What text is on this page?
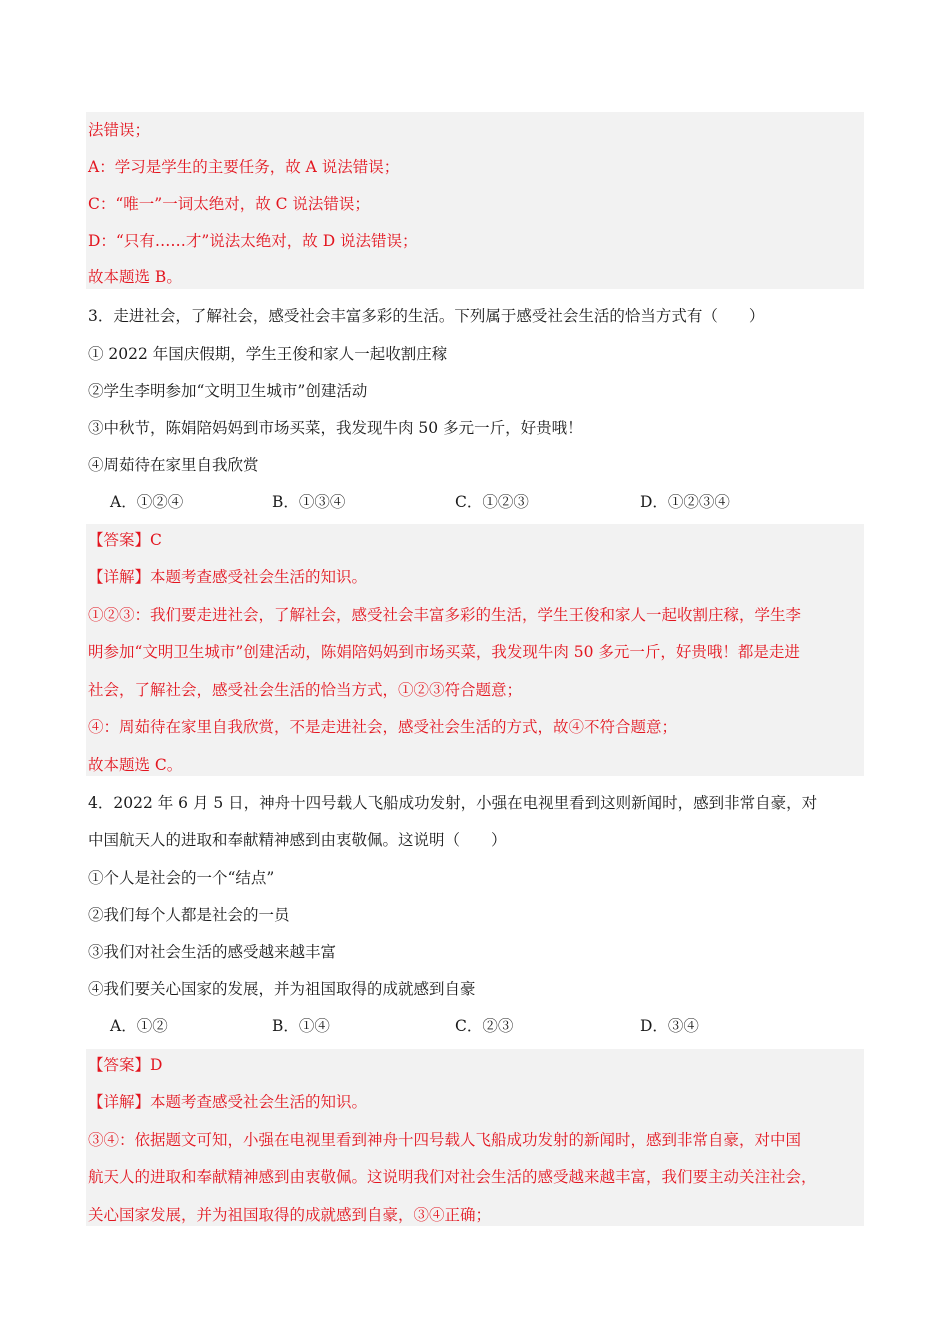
法错误；
A：学习是学生的主要任务，故 A 说法错误；
C：“唯一”一词太绝对，故 C 说法错误；
D：“只有……才”说法太绝对，故 D 说法错误；
故本题选 B。
3．走进社会，了解社会，感受社会丰富多彩的生活。下列属于感受社会生活的恰当方式有（　　）
① 2022 年国庆假期，学生王俊和家人一起收割庄稼
②学生李明参加“文明卫生城市”创建活动
③中秋节，陈娟陪妈妈到市场买菜，我发现牛肉 50 多元一斤，好贵哦！
④周茹待在家里自我欣赏
A．①②④	B．①③④	C．①②③	D．①②③④
【答案】C
【详解】本题考查感受社会生活的知识。
①②③：我们要走进社会，了解社会，感受社会丰富多彩的生活，学生王俊和家人一起收割庄稼，学生李
明参加“文明卫生城市”创建活动，陈娟陪妈妈到市场买菜，我发现牛肉 50 多元一斤，好贵哦！都是走进
社会，了解社会，感受社会生活的恰当方式，①②③符合题意；
④：周茹待在家里自我欣赏，不是走进社会，感受社会生活的方式，故④不符合题意；
故本题选 C。
4．2022 年 6 月 5 日，神舟十四号载人飞船成功发射，小强在电视里看到这则新闻时，感到非常自豪，对
中国航天人的进取和奉献精神感到由衷敬佩。这说明（　　）
①个人是社会的一个“结点”
②我们每个人都是社会的一员
③我们对社会生活的感受越来越丰富
④我们要关心国家的发展，并为祖国取得的成就感到自豪
A．①②	B．①④	C．②③	D．③④
【答案】D
【详解】本题考查感受社会生活的知识。
③④：依据题文可知，小强在电视里看到神舟十四号载人飞船成功发射的新闻时，感到非常自豪，对中国
航天人的进取和奉献精神感到由衷敬佩。这说明我们对社会生活的感受越来越丰富，我们要主动关注社会，
关心国家发展，并为祖国取得的成就感到自豪，③④正确；
